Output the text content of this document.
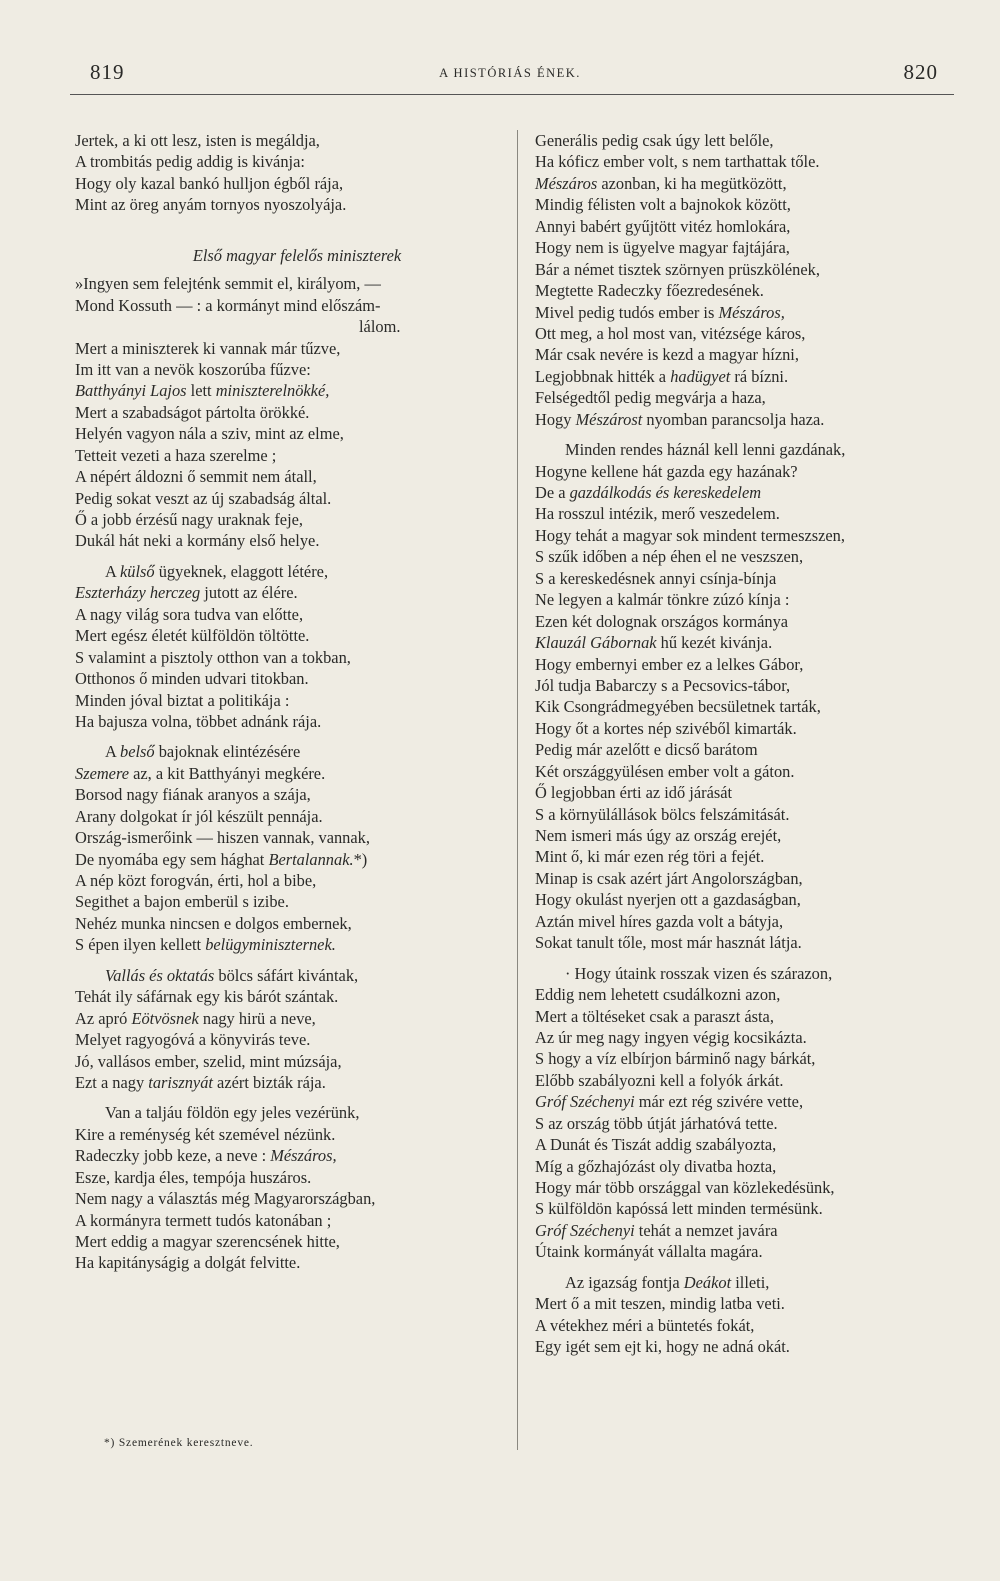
819	A HISTÓRIÁS ÉNEK.	820
Jertek, a ki ott lesz, isten is megáldja,
A trombitás pedig addig is kivánja:
Hogy oly kazal bankó hulljon égből rája,
Mint az öreg anyám tornyos nyoszolyája.
Első magyar felelős miniszterek
»Ingyen sem felejténk semmit el, királyom, —
Mond Kossuth — : a kormányt mind előszám-
lálom.
Mert a miniszterek ki vannak már tűzve,
Im itt van a nevök koszorúba fűzve:
Batthyányi Lajos lett miniszterelnökké,
Mert a szabadságot pártolta örökké.
Helyén vagyon nála a sziv, mint az elme,
Tetteit vezeti a haza szerelme ;
A népért áldozni ő semmit nem átall,
Pedig sokat veszt az új szabadság által.
Ő a jobb érzésű nagy uraknak feje,
Dukál hát neki a kormány első helye.
A külső ügyeknek, elaggott létére,
Eszterházy herczeg jutott az élére.
A nagy világ sora tudva van előtte,
Mert egész életét külföldön töltötte.
S valamint a pisztoly otthon van a tokban,
Otthonos ő minden udvari titokban.
Minden jóval biztat a politikája :
Ha bajusza volna, többet adnánk rája.
A belső bajoknak elintézésére
Szemere az, a kit Batthyányi megkére.
Borsod nagy fiának aranyos a szája,
Arany dolgokat ír jól készült pennája.
Ország-ismerőink — hiszen vannak, vannak,
De nyomába egy sem hághat Bertalannak.*)
A nép közt forogván, érti, hol a bibe,
Segithet a bajon emberül s izibe.
Nehéz munka nincsen e dolgos embernek,
S épen ilyen kellett belügyminiszternek.
Vallás és oktatás bölcs sáfárt kivántak,
Tehát ily sáfárnak egy kis bárót szántak.
Az apró Eötvösnek nagy hirü a neve,
Melyet ragyogóvá a könyvirás teve.
Jó, vallásos ember, szelid, mint múzsája,
Ezt a nagy tarisznyát azért bizták rája.
Van a taljáu földön egy jeles vezérünk,
Kire a reménység két szemével nézünk.
Radeczky jobb keze, a neve : Mészáros,
Esze, kardja éles, tempója huszáros.
Nem nagy a választás még Magyarországban,
A kormányra termett tudós katonában ;
Mert eddig a magyar szerencsének hitte,
Ha kapitányságig a dolgát felvitte.
Generális pedig csak úgy lett belőle,
Ha kóficz ember volt, s nem tarthattak tőle.
Mészáros azonban, ki ha megütközött,
Mindig félisten volt a bajnokok között,
Annyi babért gyűjtött vitéz homlokára,
Hogy nem is ügyelve magyar fajtájára,
Bár a német tisztek szörnyen prüszkölének,
Megtette Radeczky főezredesének.
Mivel pedig tudós ember is Mészáros,
Ott meg, a hol most van, vitézsége káros,
Már csak nevére is kezd a magyar hízni,
Legjobbnak hitték a hadügyet rá bízni.
Felségedtől pedig megvárja a haza,
Hogy Mészárost nyomban parancsolja haza.
Minden rendes háznál kell lenni gazdának,
Hogyne kellene hát gazda egy hazának?
De a gazdálkodás és kereskedelem
Ha rosszul intézik, merő veszedelem.
Hogy tehát a magyar sok mindent termeszszen,
S szűk időben a nép éhen el ne veszszen,
S a kereskedésnek annyi csínja-bínja
Ne legyen a kalmár tönkre zúzó kínja :
Ezen két dolognak országos kormánya
Klauzál Gábornak hű kezét kivánja.
Hogy embernyi ember ez a lelkes Gábor,
Jól tudja Babarczy s a Pecsovics-tábor,
Kik Csongrádmegyében becsületnek tarták,
Hogy őt a kortes nép szivéből kimarták.
Pedig már azelőtt e dicső barátom
Két országgyülésen ember volt a gáton.
Ő legjobban érti az idő járását
S a környülállások bölcs felszámitását.
Nem ismeri más úgy az ország erejét,
Mint ő, ki már ezen rég töri a fejét.
Minap is csak azért járt Angolországban,
Hogy okulást nyerjen ott a gazdaságban,
Aztán mivel híres gazda volt a bátyja,
Sokat tanult tőle, most már hasznát látja.
· Hogy útaink rosszak vizen és szárazon,
Eddig nem lehetett csudálkozni azon,
Mert a töltéseket csak a paraszt ásta,
Az úr meg nagy ingyen végig kocsikázta.
S hogy a víz elbírjon bárminő nagy bárkát,
Előbb szabályozni kell a folyók árkát.
Gróf Széchenyi már ezt rég szivére vette,
S az ország több útját járhatóvá tette.
A Dunát és Tiszát addig szabályozta,
Míg a gőzhajózást oly divatba hozta,
Hogy már több országgal van közlekedésünk,
S külföldön kapóssá lett minden termésünk.
Gróf Széchenyi tehát a nemzet javára
Útaink kormányát vállalta magára.
Az igazság fontja Deákot illeti,
Mert ő a mit teszen, mindig latba veti.
A vétekhez méri a büntetés fokát,
Egy igét sem ejt ki, hogy ne adná okát.
*) Szemerének keresztneve.
